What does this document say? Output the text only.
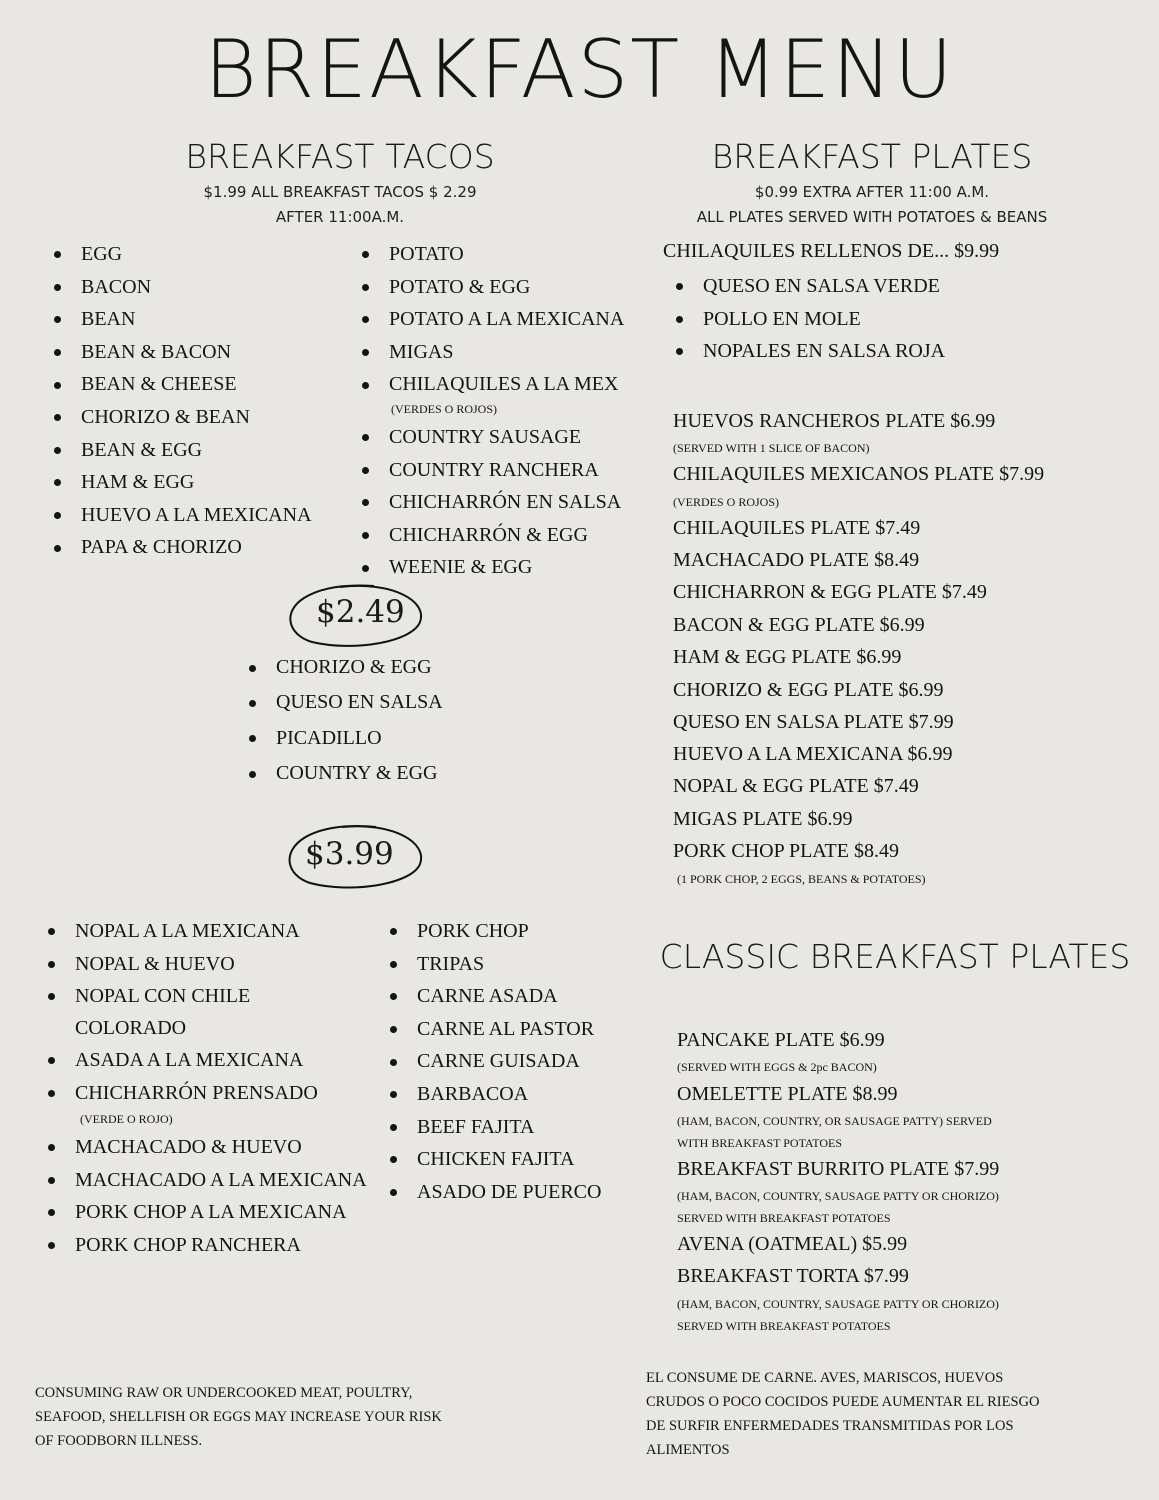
BREAKFAST MENU
BREAKFAST TACOS
$1.99 ALL BREAKFAST TACOS $ 2.29
AFTER 11:00A.M.
EGG
BACON
BEAN
BEAN & BACON
BEAN & CHEESE
CHORIZO & BEAN
BEAN & EGG
HAM & EGG
HUEVO A LA MEXICANA
PAPA & CHORIZO
POTATO
POTATO & EGG
POTATO A LA MEXICANA
MIGAS
CHILAQUILES A LA MEX
(VERDES O ROJOS)
COUNTRY SAUSAGE
COUNTRY RANCHERA
CHICHARRÓN EN SALSA
CHICHARRÓN & EGG
WEENIE & EGG
$2.49
CHORIZO & EGG
QUESO EN SALSA
PICADILLO
COUNTRY & EGG
$3.99
NOPAL A LA MEXICANA
NOPAL & HUEVO
NOPAL CON CHILE
COLORADO
ASADA A LA MEXICANA
CHICHARRÓN PRENSADO
(VERDE O ROJO)
MACHACADO & HUEVO
MACHACADO A LA MEXICANA
PORK CHOP A LA MEXICANA
PORK CHOP RANCHERA
PORK CHOP
TRIPAS
CARNE ASADA
CARNE AL PASTOR
CARNE GUISADA
BARBACOA
BEEF FAJITA
CHICKEN FAJITA
ASADO DE PUERCO
BREAKFAST PLATES
$0.99 EXTRA AFTER 11:00 A.M.
ALL PLATES SERVED WITH POTATOES & BEANS
CHILAQUILES RELLENOS DE... $9.99
QUESO EN SALSA VERDE
POLLO EN MOLE
NOPALES EN SALSA ROJA
HUEVOS RANCHEROS PLATE $6.99
(SERVED WITH 1 SLICE OF BACON)
CHILAQUILES MEXICANOS PLATE $7.99
(VERDES O ROJOS)
CHILAQUILES PLATE $7.49
MACHACADO PLATE $8.49
CHICHARRON & EGG PLATE $7.49
BACON & EGG PLATE $6.99
HAM & EGG PLATE $6.99
CHORIZO & EGG PLATE $6.99
QUESO EN SALSA PLATE $7.99
HUEVO A LA MEXICANA $6.99
NOPAL & EGG PLATE $7.49
MIGAS PLATE $6.99
PORK CHOP PLATE $8.49
(1 PORK CHOP, 2 EGGS, BEANS & POTATOES)
CLASSIC BREAKFAST PLATES
PANCAKE PLATE $6.99
(SERVED WITH EGGS & 2pc BACON)
OMELETTE PLATE $8.99
(HAM, BACON, COUNTRY, OR SAUSAGE PATTY) SERVED
WITH BREAKFAST POTATOES
BREAKFAST BURRITO PLATE $7.99
(HAM, BACON, COUNTRY, SAUSAGE PATTY OR CHORIZO)
SERVED WITH BREAKFAST POTATOES
AVENA (OATMEAL) $5.99
BREAKFAST TORTA $7.99
(HAM, BACON, COUNTRY, SAUSAGE PATTY OR CHORIZO)
SERVED WITH BREAKFAST POTATOES
CONSUMING RAW OR UNDERCOOKED MEAT, POULTRY,
SEAFOOD, SHELLFISH OR EGGS MAY INCREASE YOUR RISK
OF FOODBORN ILLNESS.
EL CONSUME DE CARNE. AVES, MARISCOS, HUEVOS
CRUDOS O POCO COCIDOS PUEDE AUMENTAR EL RIESGO
DE SURFIR ENFERMEDADES TRANSMITIDAS POR LOS
ALIMENTOS
